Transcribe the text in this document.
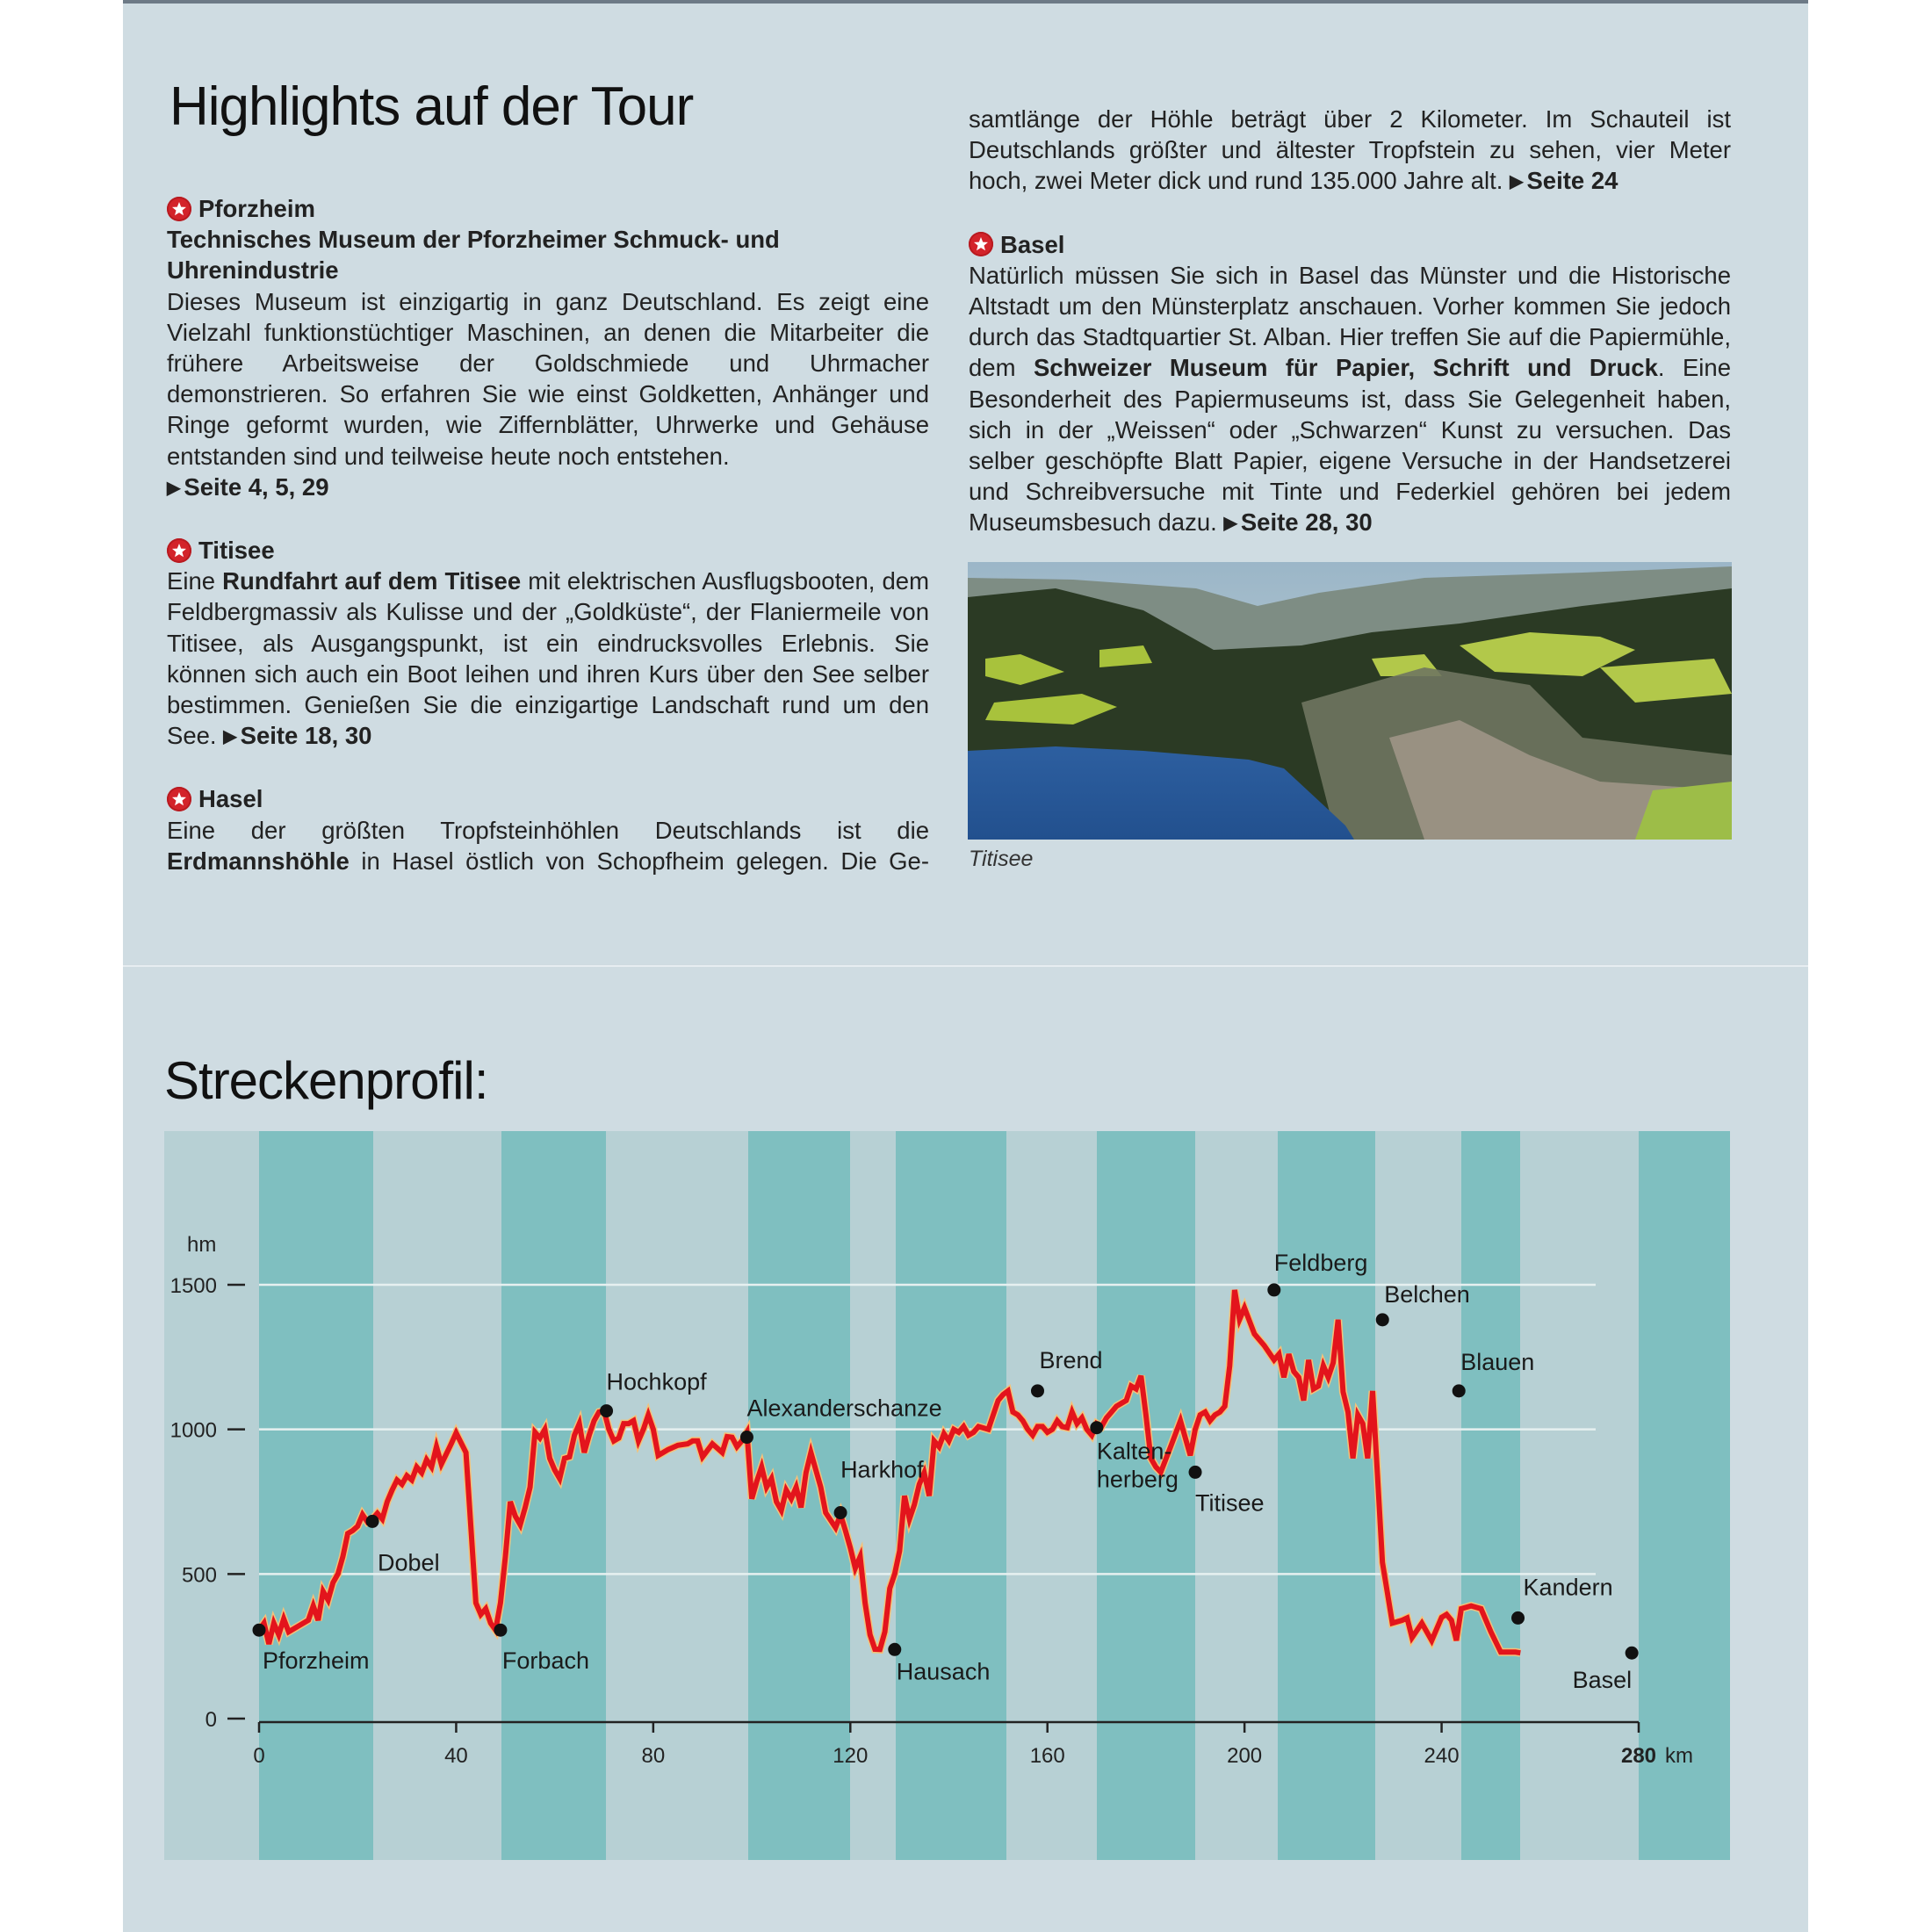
Highlights auf der Tour
Pforzheim

Technisches Museum der Pforzheimer Schmuck- und Uhrenindustrie

Dieses Museum ist einzigartig in ganz Deutschland. Es zeigt eine Vielzahl funktionstüchtiger Maschinen, an denen die Mitarbeiter die frühere Arbeitsweise der Goldschmiede und Uhrmacher demonstrieren. So erfahren Sie wie einst Goldketten, Anhänger und Ringe geformt wurden, wie Ziffernblätter, Uhrwerke und Gehäuse entstanden sind und teilweise heute noch entstehen.

▶ Seite 4, 5, 29

Titisee

Eine Rundfahrt auf dem Titisee mit elektrischen Ausflugsbooten, dem Feldbergmassiv als Kulisse und der „Goldküste“, der Flaniermeile von Titisee, als Ausgangspunkt, ist ein eindrucksvolles Erlebnis. Sie können sich auch ein Boot leihen und ihren Kurs über den See selber bestimmen. Genießen Sie die einzigartige Landschaft rund um den See. ▶ Seite 18, 30

Hasel

Eine der größten Tropfsteinhöhlen Deutschlands ist die Erdmannshöhle in Hasel östlich von Schopfheim gelegen. Die Ge-

samtlänge der Höhle beträgt über 2 Kilometer. Im Schauteil ist Deutschlands größter und ältester Tropfstein zu sehen, vier Meter hoch, zwei Meter dick und rund 135.000 Jahre alt. ▶ Seite 24

Basel

Natürlich müssen Sie sich in Basel das Münster und die Historische Altstadt um den Münsterplatz anschauen. Vorher kommen Sie jedoch durch das Stadtquartier St. Alban. Hier treffen Sie auf die Papiermühle, dem Schweizer Museum für Papier, Schrift und Druck. Eine Besonderheit des Papiermuseums ist, dass Sie Gelegenheit haben, sich in der „Weissen“ oder „Schwarzen“ Kunst zu versuchen. Das selber geschöpfte Blatt Papier, eigene Versuche in der Handsetzerei und Schreibversuche mit Tinte und Federkiel gehören bei jedem Museumsbesuch dazu. ▶ Seite 28, 30

Titisee
Streckenprofil:
0	40	80	120	160	200	240	280 km
0
500
1000
1500
hm
Pforzheim
Dobel
Forbach
Hochkopf
Alexanderschanze
Harkhof
Hausach
Brend
Kalten-herberg
Titisee
Feldberg
Belchen
Blauen
Kandern
Basel
